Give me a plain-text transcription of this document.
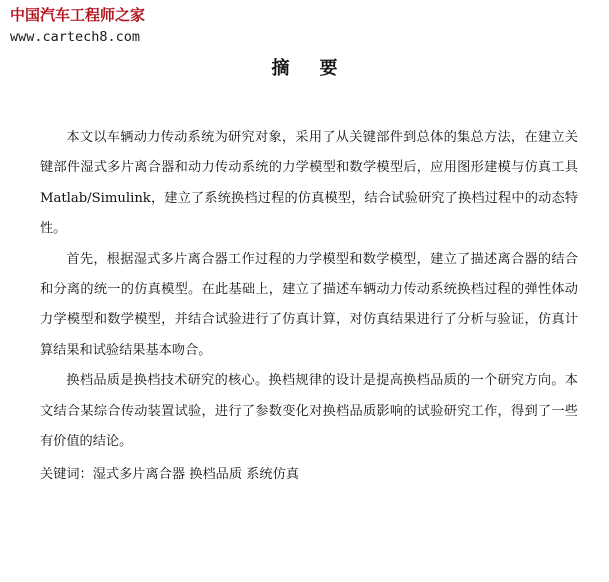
中国汽车工程师之家
www.cartech8.com
摘要

本文以车辆动力传动系统为研究对象，采用了从关键部件到总体的集总方法，在建立关键部件湿式多片离合器和动力传动系统的力学模型和数学模型后，应用图形建模与仿真工具Matlab/Simulink，建立了系统换档过程的仿真模型，结合试验研究了换档过程中的动态特性。

首先，根据湿式多片离合器工作过程的力学模型和数学模型，建立了描述离合器的结合和分离的统一的仿真模型。在此基础上，建立了描述车辆动力传动系统换档过程的弹性体动力学模型和数学模型，并结合试验进行了仿真计算，对仿真结果进行了分析与验证，仿真计算结果和试验结果基本吻合。

换档品质是换档技术研究的核心。换档规律的设计是提高换档品质的一个研究方向。本文结合某综合传动装置试验，进行了参数变化对换档品质影响的试验研究工作，得到了一些有价值的结论。

关键词：湿式多片离合器 换档品质 系统仿真
